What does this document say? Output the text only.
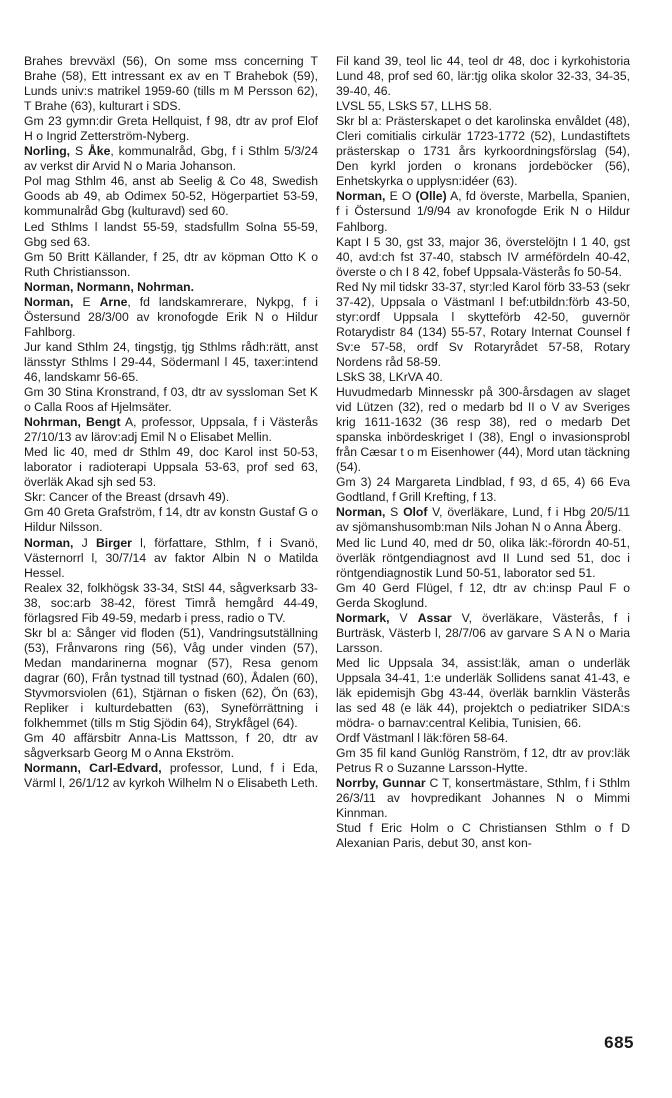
Brahes brevväxl (56), On some mss concerning T Brahe (58), Ett intressant ex av en T Brahebok (59), Lunds univ:s matrikel 1959-60 (tills m M Persson 62), T Brahe (63), kulturart i SDS.

Gm 23 gymn:dir Greta Hellquist, f 98, dtr av prof Elof H o Ingrid Zetterström-Nyberg.

Norling, S Åke, kommunalråd, Gbg, f i Sthlm 5/3/24 av verkst dir Arvid N o Maria Johanson.

Pol mag Sthlm 46, anst ab Seelig & Co 48, Swedish Goods ab 49, ab Odimex 50-52, Högerpartiet 53-59, kommunalråd Gbg (kulturavd) sed 60.

Led Sthlms l landst 55-59, stadsfullm Solna 55-59, Gbg sed 63.

Gm 50 Britt Källander, f 25, dtr av köpman Otto K o Ruth Christiansson.

Norman, Normann, Nohrman.

Norman, E Arne, fd landskamrerare, Nykpg, f i Östersund 28/3/00 av kronofogde Erik N o Hildur Fahlborg.

Jur kand Sthlm 24, tingstjg, tjg Sthlms rådh:rätt, anst länsstyr Sthlms l 29-44, Södermanl l 45, taxer:intend 46, landskamr 56-65.

Gm 30 Stina Kronstrand, f 03, dtr av syssloman Set K o Calla Roos af Hjelmsäter.

Nohrman, Bengt A, professor, Uppsala, f i Västerås 27/10/13 av lärov:adj Emil N o Elisabet Mellin.

Med lic 40, med dr Sthlm 49, doc Karol inst 50-53, laborator i radioterapi Uppsala 53-63, prof sed 63, överläk Akad sjh sed 53.

Skr: Cancer of the Breast (drsavh 49).

Gm 40 Greta Grafström, f 14, dtr av konstn Gustaf G o Hildur Nilsson.

Norman, J Birger l, författare, Sthlm, f i Svanö, Västernorrl l, 30/7/14 av faktor Albin N o Matilda Hessel.

Realex 32, folkhögsk 33-34, StSl 44, sågverksarb 33-38, soc:arb 38-42, förest Timrå hemgård 44-49, förlagsred Fib 49-59, medarb i press, radio o TV.

Skr bl a: Sånger vid floden (51), Vandringsutställning (53), Frånvarons ring (56), Våg under vinden (57), Medan mandarinerna mognar (57), Resa genom dagrar (60), Från tystnad till tystnad (60), Ådalen (60), Styvmorsviolen (61), Stjärnan o fisken (62), Ön (63), Repliker i kulturdebatten (63), Syneförrättning i folkhemmet (tills m Stig Sjödin 64), Strykfågel (64).

Gm 40 affärsbitr Anna-Lis Mattsson, f 20, dtr av sågverksarb Georg M o Anna Ekström.

Normann, Carl-Edvard, professor, Lund, f i Eda, Värml l, 26/1/12 av kyrkoh Wilhelm N o Elisabeth Leth.

Fil kand 39, teol lic 44, teol dr 48, doc i kyrkohistoria Lund 48, prof sed 60, lär:tjg olika skolor 32-33, 34-35, 39-40, 46.

LVSL 55, LSkS 57, LLHS 58.

Skr bl a: Prästerskapet o det karolinska envåldet (48), Cleri comitialis cirkulär 1723-1772 (52), Lundastiftets prästerskap o 1731 års kyrkoordningsförslag (54), Den kyrkl jorden o kronans jordeböcker (56), Enhetskyrka o upplysn:idéer (63).

Norman, E O (Olle) A, fd överste, Marbella, Spanien, f i Östersund 1/9/94 av kronofogde Erik N o Hildur Fahlborg.

Kapt I 5 30, gst 33, major 36, överstelöjtn I 1 40, gst 40, avd:ch fst 37-40, stabsch IV arméfördeln 40-42, överste o ch I 8 42, fobef Uppsala-Västerås fo 50-54.

Red Ny mil tidskr 33-37, styr:led Karol förb 33-53 (sekr 37-42), Uppsala o Västmanl l bef:utbildn:förb 43-50, styr:ordf Uppsala l skytteförb 42-50, guvernör Rotarydistr 84 (134) 55-57, Rotary Internat Counsel f Sv:e 57-58, ordf Sv Rotaryrådet 57-58, Rotary Nordens råd 58-59.

LSkS 38, LKrVA 40.

Huvudmedarb Minnesskr på 300-årsdagen av slaget vid Lützen (32), red o medarb bd II o V av Sveriges krig 1611-1632 (36 resp 38), red o medarb Det spanska inbördeskriget I (38), Engl o invasionsprobl från Cæsar t o m Eisenhower (44), Mord utan täckning (54).

Gm 3) 24 Margareta Lindblad, f 93, d 65, 4) 66 Eva Godtland, f Grill Krefting, f 13.

Norman, S Olof V, överläkare, Lund, f i Hbg 20/5/11 av sjömanshusomb:man Nils Johan N o Anna Åberg.

Med lic Lund 40, med dr 50, olika läk:-förordn 40-51, överläk röntgendiagnost avd II Lund sed 51, doc i röntgendiagnostik Lund 50-51, laborator sed 51.

Gm 40 Gerd Flügel, f 12, dtr av ch:insp Paul F o Gerda Skoglund.

Normark, V Assar V, överläkare, Västerås, f i Burträsk, Västerb l, 28/7/06 av garvare S A N o Maria Larsson.

Med lic Uppsala 34, assist:läk, aman o underläk Uppsala 34-41, 1:e underläk Sollidens sanat 41-43, e läk epidemisjh Gbg 43-44, överläk barnklin Västerås las sed 48 (e läk 44), projektch o pediatriker SIDA:s mödra- o barnav:central Kelibia, Tunisien, 66.

Ordf Västmanl l läk:fören 58-64.

Gm 35 fil kand Gunlög Ranström, f 12, dtr av prov:läk Petrus R o Suzanne Larsson-Hytte.

Norrby, Gunnar C T, konsertmästare, Sthlm, f i Sthlm 26/3/11 av hovpredikant Johannes N o Mimmi Kinnman.

Stud f Eric Holm o C Christiansen Sthlm o f D Alexanian Paris, debut 30, anst kon-

685
